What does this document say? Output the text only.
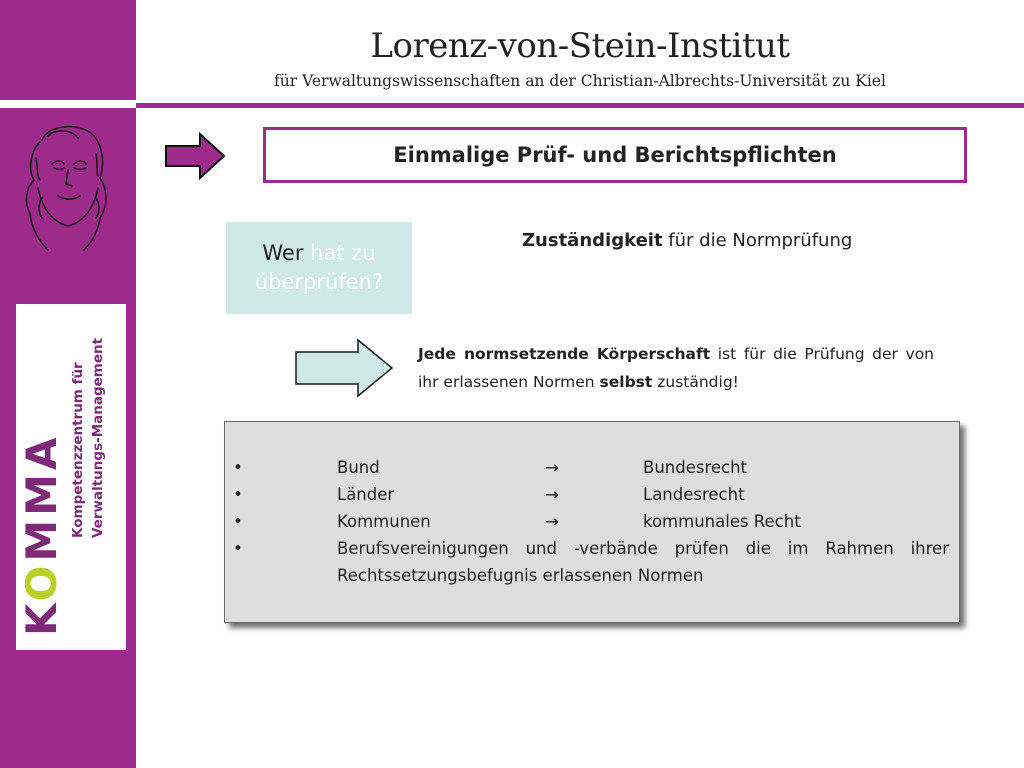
Lorenz-von-Stein-Institut
für Verwaltungswissenschaften an der Christian-Albrechts-Universität zu Kiel
KOMMA Kompetenzzentrum für Verwaltungs-Management
Einmalige Prüf- und Berichtspflichten
Wer hat zu
überprüfen?
Zuständigkeit für die Normprüfung
Jede normsetzende Körperschaft ist für die Prüfung der von ihr erlassenen Normen selbst zuständig!
•	Bund	→	Bundesrecht
•	Länder	→	Landesrecht
•	Kommunen	→	kommunales Recht
•	Berufsvereinigungen und -verbände prüfen die im Rahmen ihrer Rechtssetzungsbefugnis erlassenen Normen
